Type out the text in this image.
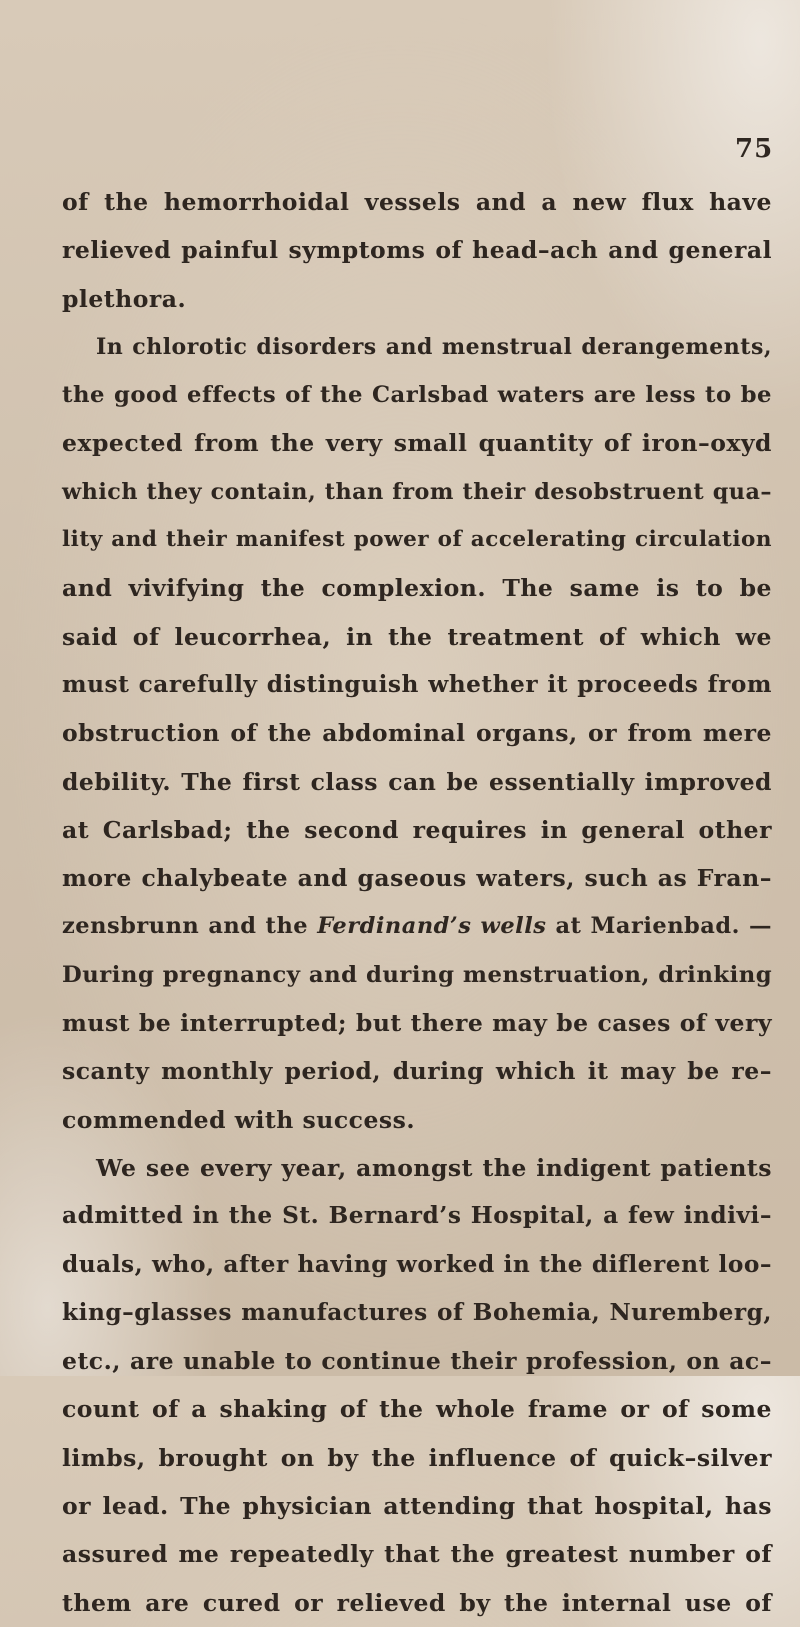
75
of the hemorrhoidal vessels and a new flux have
relieved painful symptoms of head–ach and general
plethora.
In chlorotic disorders and menstrual derangements,
the good effects of the Carlsbad waters are less to be
expected from the very small quantity of iron–oxyd
which they contain, than from their desobstruent qua–
lity and their manifest power of accelerating circulation
and vivifying the complexion. The same is to be
said of leucorrhea, in the treatment of which we
must carefully distinguish whether it proceeds from
obstruction of the abdominal organs, or from mere
debility. The first class can be essentially improved
at Carlsbad; the second requires in general other
more chalybeate and gaseous waters, such as Fran–
zensbrunn and the Ferdinand’s wells at Marienbad. —
During pregnancy and during menstruation, drinking
must be interrupted; but there may be cases of very
scanty monthly period, during which it may be re–
commended with success.
We see every year, amongst the indigent patients
admitted in the St. Bernard’s Hospital, a few indivi–
duals, who, after having worked in the diflerent loo–
king–glasses manufactures of Bohemia, Nuremberg,
etc., are unable to continue their profession, on ac–
count of a shaking of the whole frame or of some
limbs, brought on by the influence of quick–silver
or lead. The physician attending that hospital, has
assured me repeatedly that the greatest number of
them are cured or relieved by the internal use of
